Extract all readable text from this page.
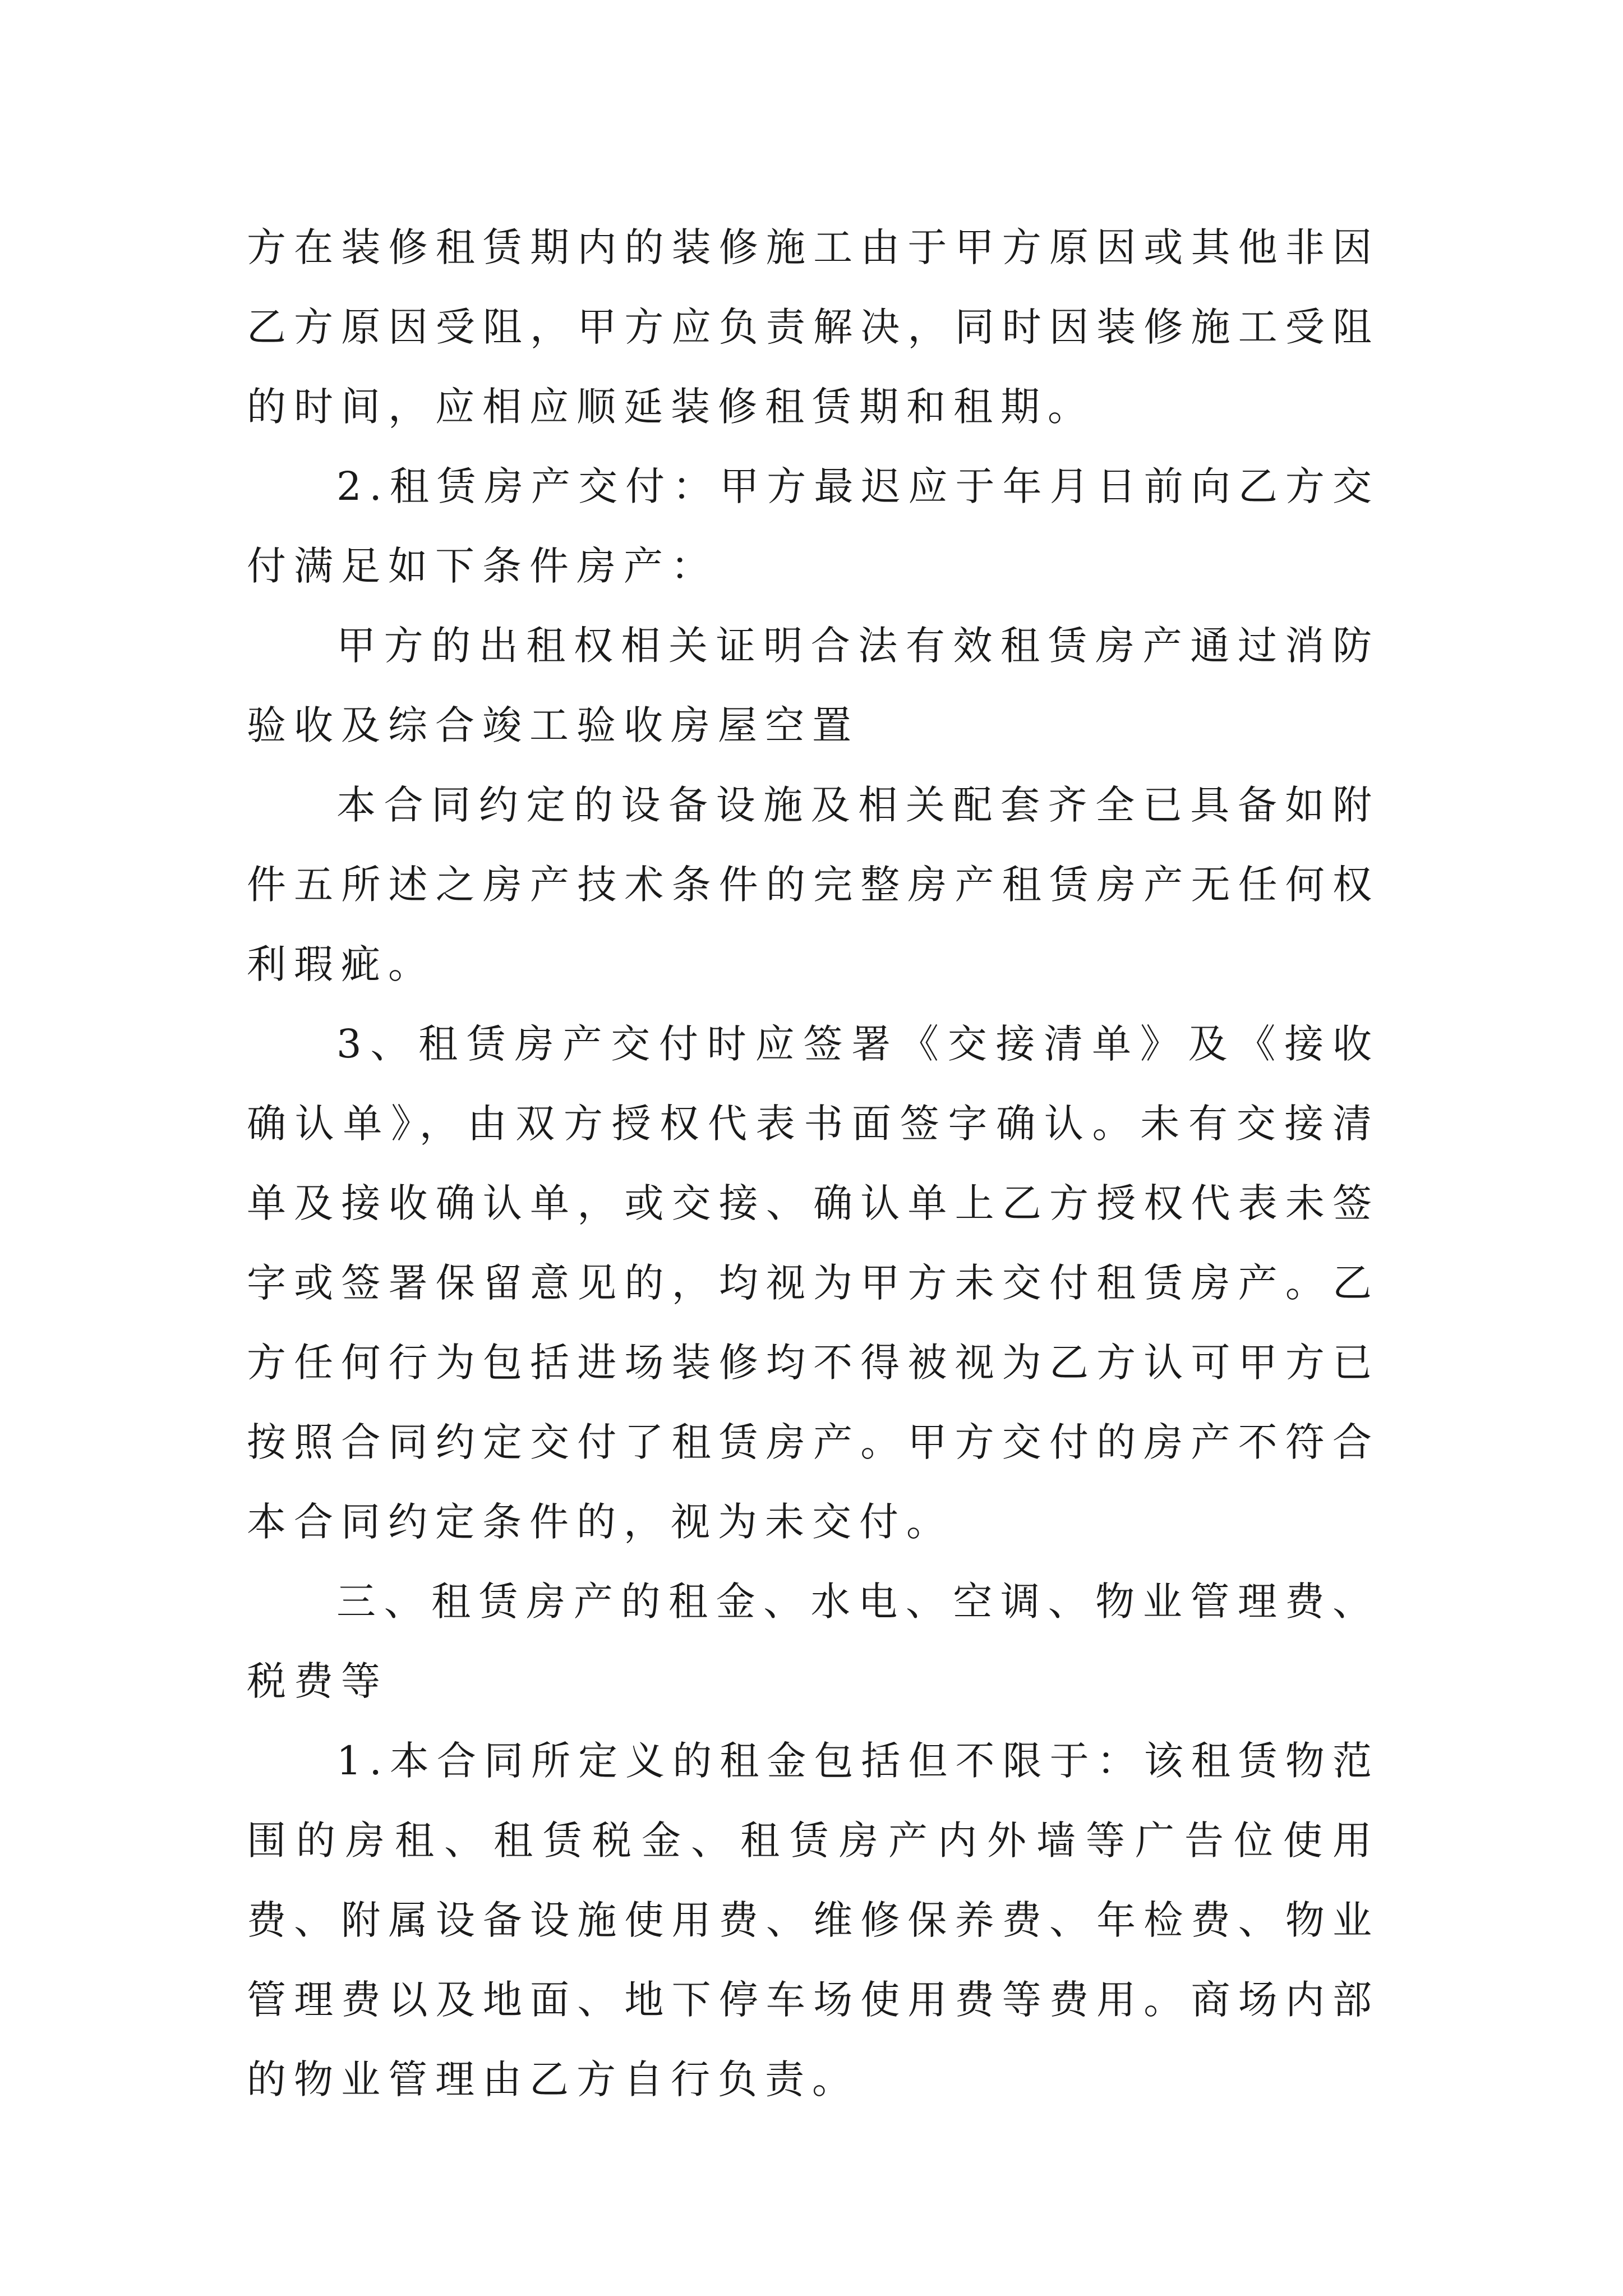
方在装修租赁期内的装修施工由于甲方原因或其他非因乙方原因受阻，甲方应负责解决，同时因装修施工受阻的时间，应相应顺延装修租赁期和租期。

2.租赁房产交付：甲方最迟应于年月日前向乙方交付满足如下条件房产：

甲方的出租权相关证明合法有效租赁房产通过消防验收及综合竣工验收房屋空置

本合同约定的设备设施及相关配套齐全已具备如附件五所述之房产技术条件的完整房产租赁房产无任何权利瑕疵。

3、租赁房产交付时应签署《交接清单》及《接收确认单》，由双方授权代表书面签字确认。未有交接清单及接收确认单，或交接、确认单上乙方授权代表未签字或签署保留意见的，均视为甲方未交付租赁房产。乙方任何行为包括进场装修均不得被视为乙方认可甲方已按照合同约定交付了租赁房产。甲方交付的房产不符合本合同约定条件的，视为未交付。

三、租赁房产的租金、水电、空调、物业管理费、税费等

1.本合同所定义的租金包括但不限于：该租赁物范围的房租、租赁税金、租赁房产内外墙等广告位使用费、附属设备设施使用费、维修保养费、年检费、物业管理费以及地面、地下停车场使用费等费用。商场内部的物业管理由乙方自行负责。
